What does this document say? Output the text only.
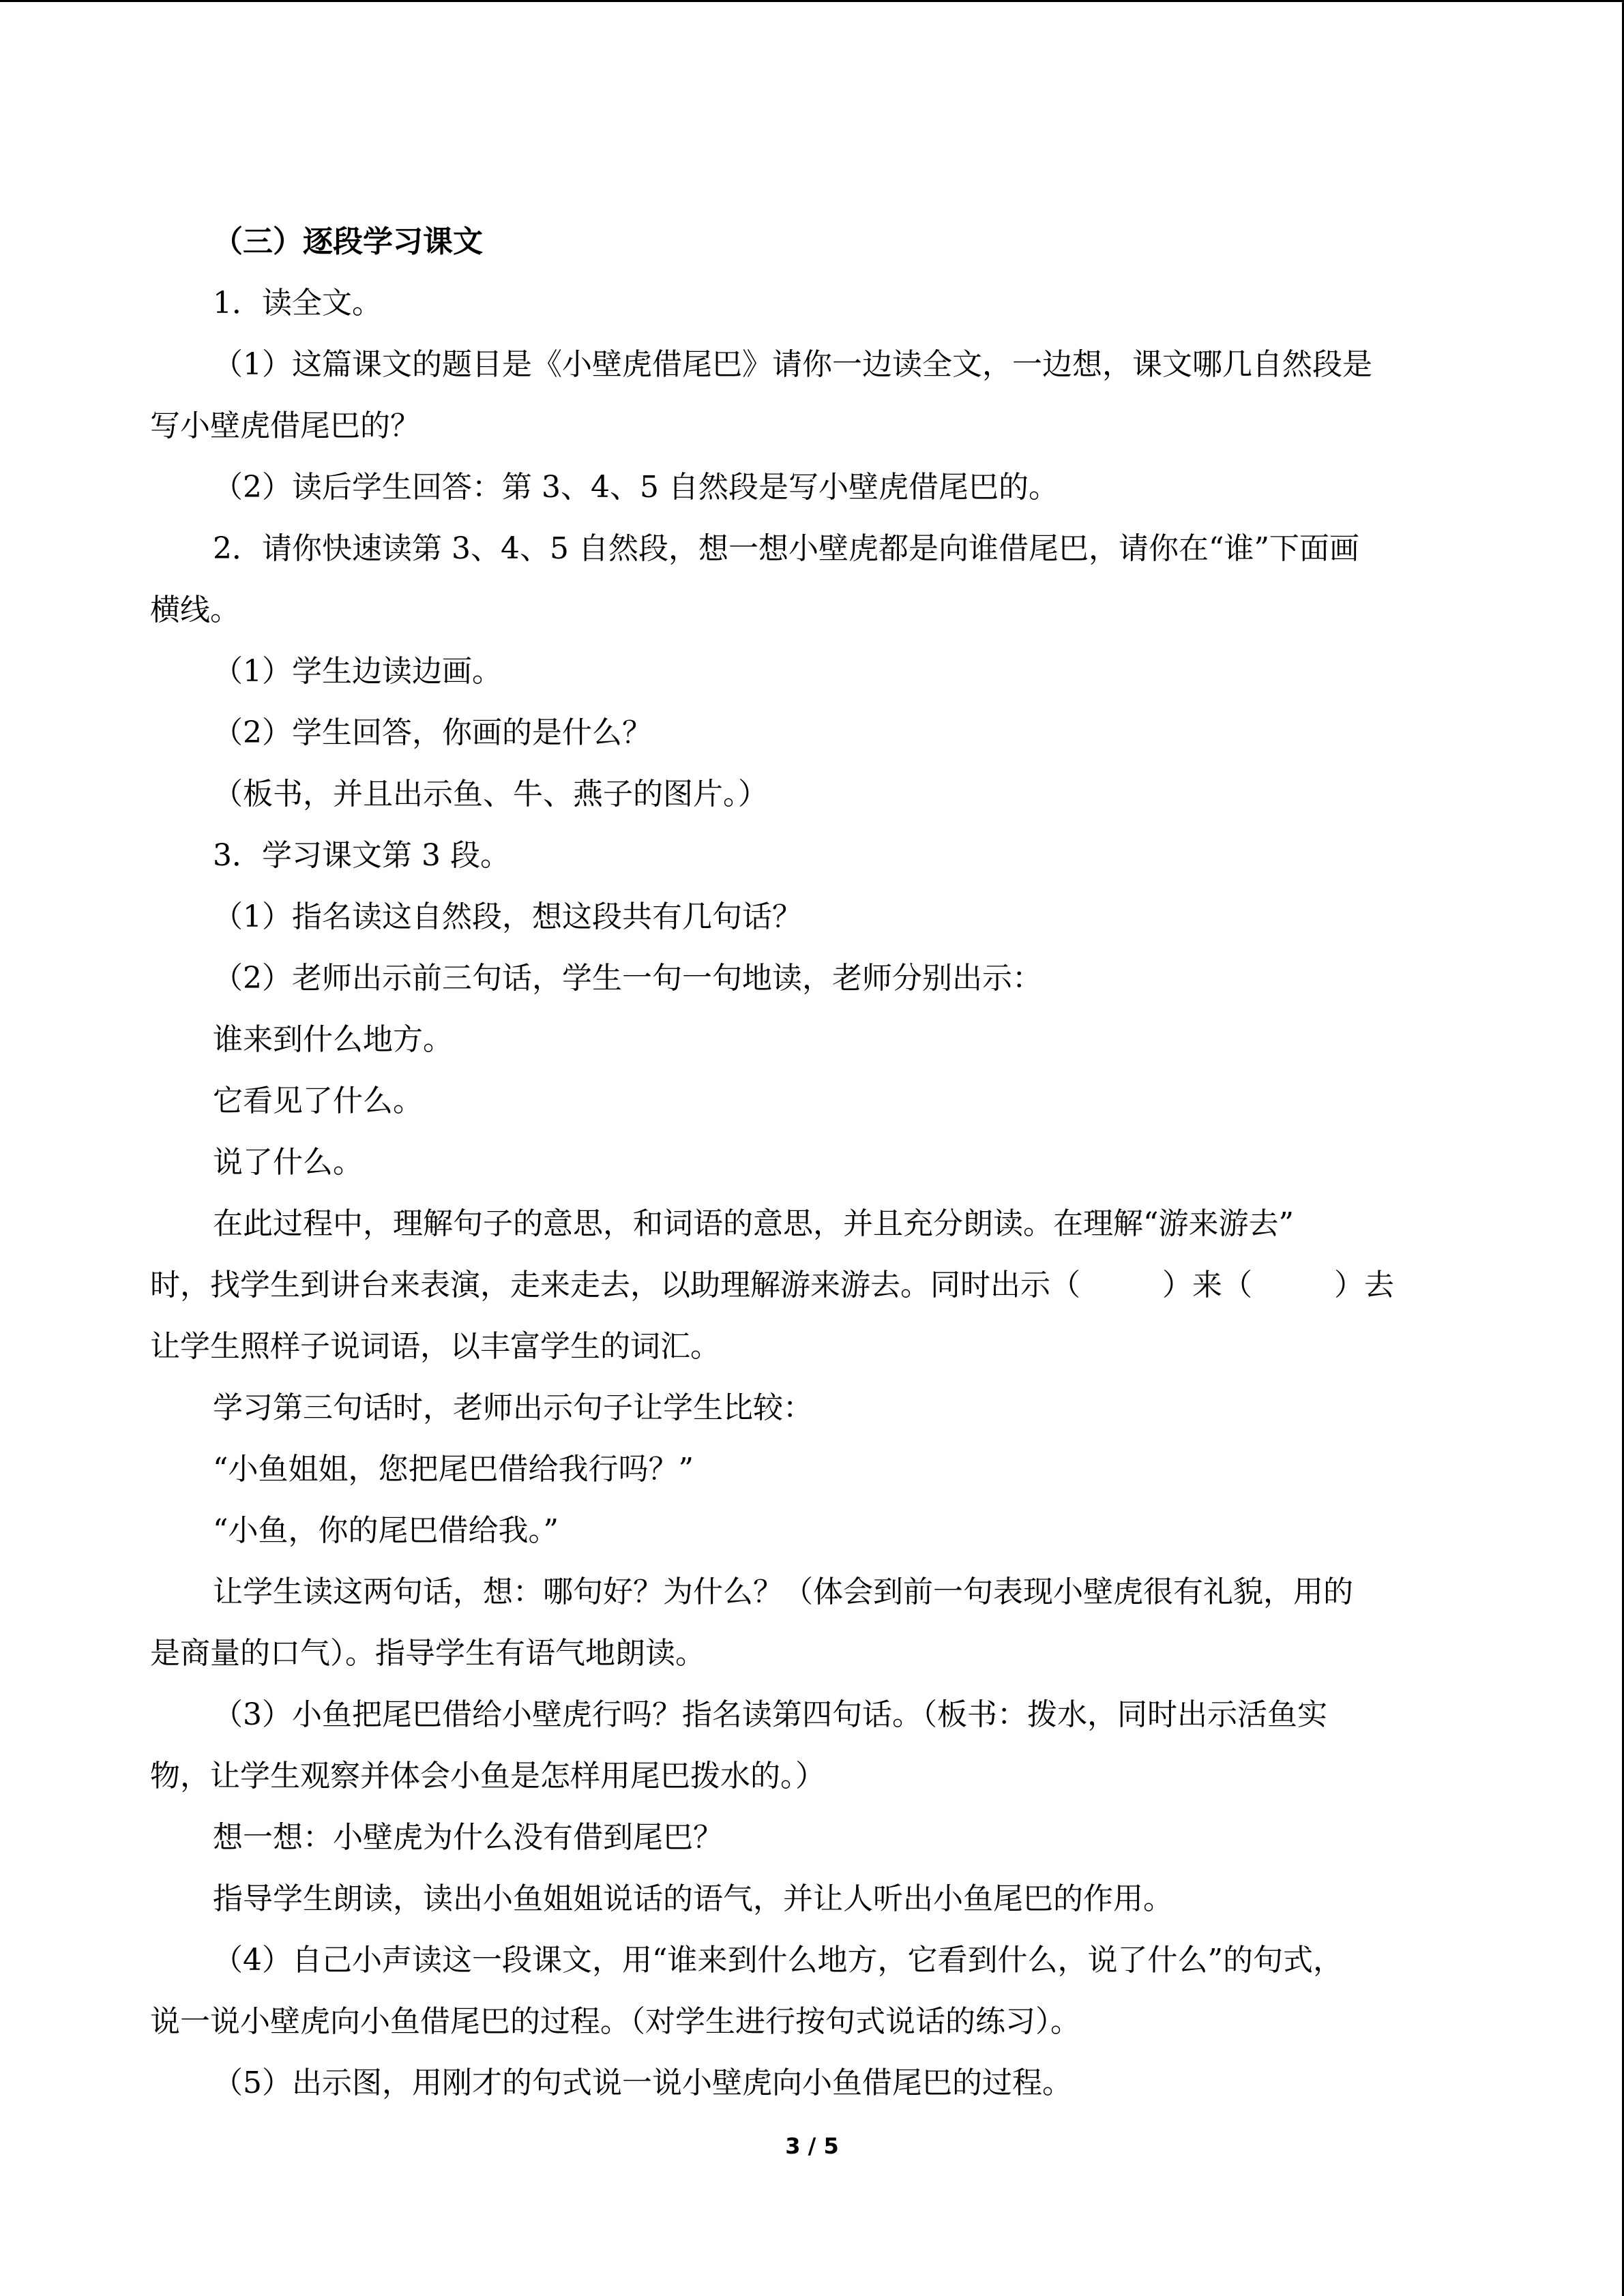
（三）逐段学习课文
1．读全文。
（1）这篇课文的题目是《小壁虎借尾巴》请你一边读全文，一边想，课文哪几自然段是
写小壁虎借尾巴的？
（2）读后学生回答：第 3、4、5 自然段是写小壁虎借尾巴的。
2．请你快速读第 3、4、5 自然段，想一想小壁虎都是向谁借尾巴，请你在“谁”下面画
横线。
（1）学生边读边画。
（2）学生回答，你画的是什么？
（板书，并且出示鱼、牛、燕子的图片。）
3．学习课文第 3 段。
（1）指名读这自然段，想这段共有几句话？
（2）老师出示前三句话，学生一句一句地读，老师分别出示：
谁来到什么地方。
它看见了什么。
说了什么。
在此过程中，理解句子的意思，和词语的意思，并且充分朗读。在理解“游来游去”
时，找学生到讲台来表演，走来走去，以助理解游来游去。同时出示（	）来（	）去
让学生照样子说词语，以丰富学生的词汇。
学习第三句话时，老师出示句子让学生比较：
“小鱼姐姐，您把尾巴借给我行吗？”
“小鱼，你的尾巴借给我。”
让学生读这两句话，想：哪句好？为什么？（体会到前一句表现小壁虎很有礼貌，用的
是商量的口气）。指导学生有语气地朗读。
（3）小鱼把尾巴借给小壁虎行吗？指名读第四句话。（板书：拨水，同时出示活鱼实
物，让学生观察并体会小鱼是怎样用尾巴拨水的。）
想一想：小壁虎为什么没有借到尾巴？
指导学生朗读，读出小鱼姐姐说话的语气，并让人听出小鱼尾巴的作用。
（4）自己小声读这一段课文，用“谁来到什么地方，它看到什么，说了什么”的句式，
说一说小壁虎向小鱼借尾巴的过程。（对学生进行按句式说话的练习）。
（5）出示图，用刚才的句式说一说小壁虎向小鱼借尾巴的过程。
3 / 5
